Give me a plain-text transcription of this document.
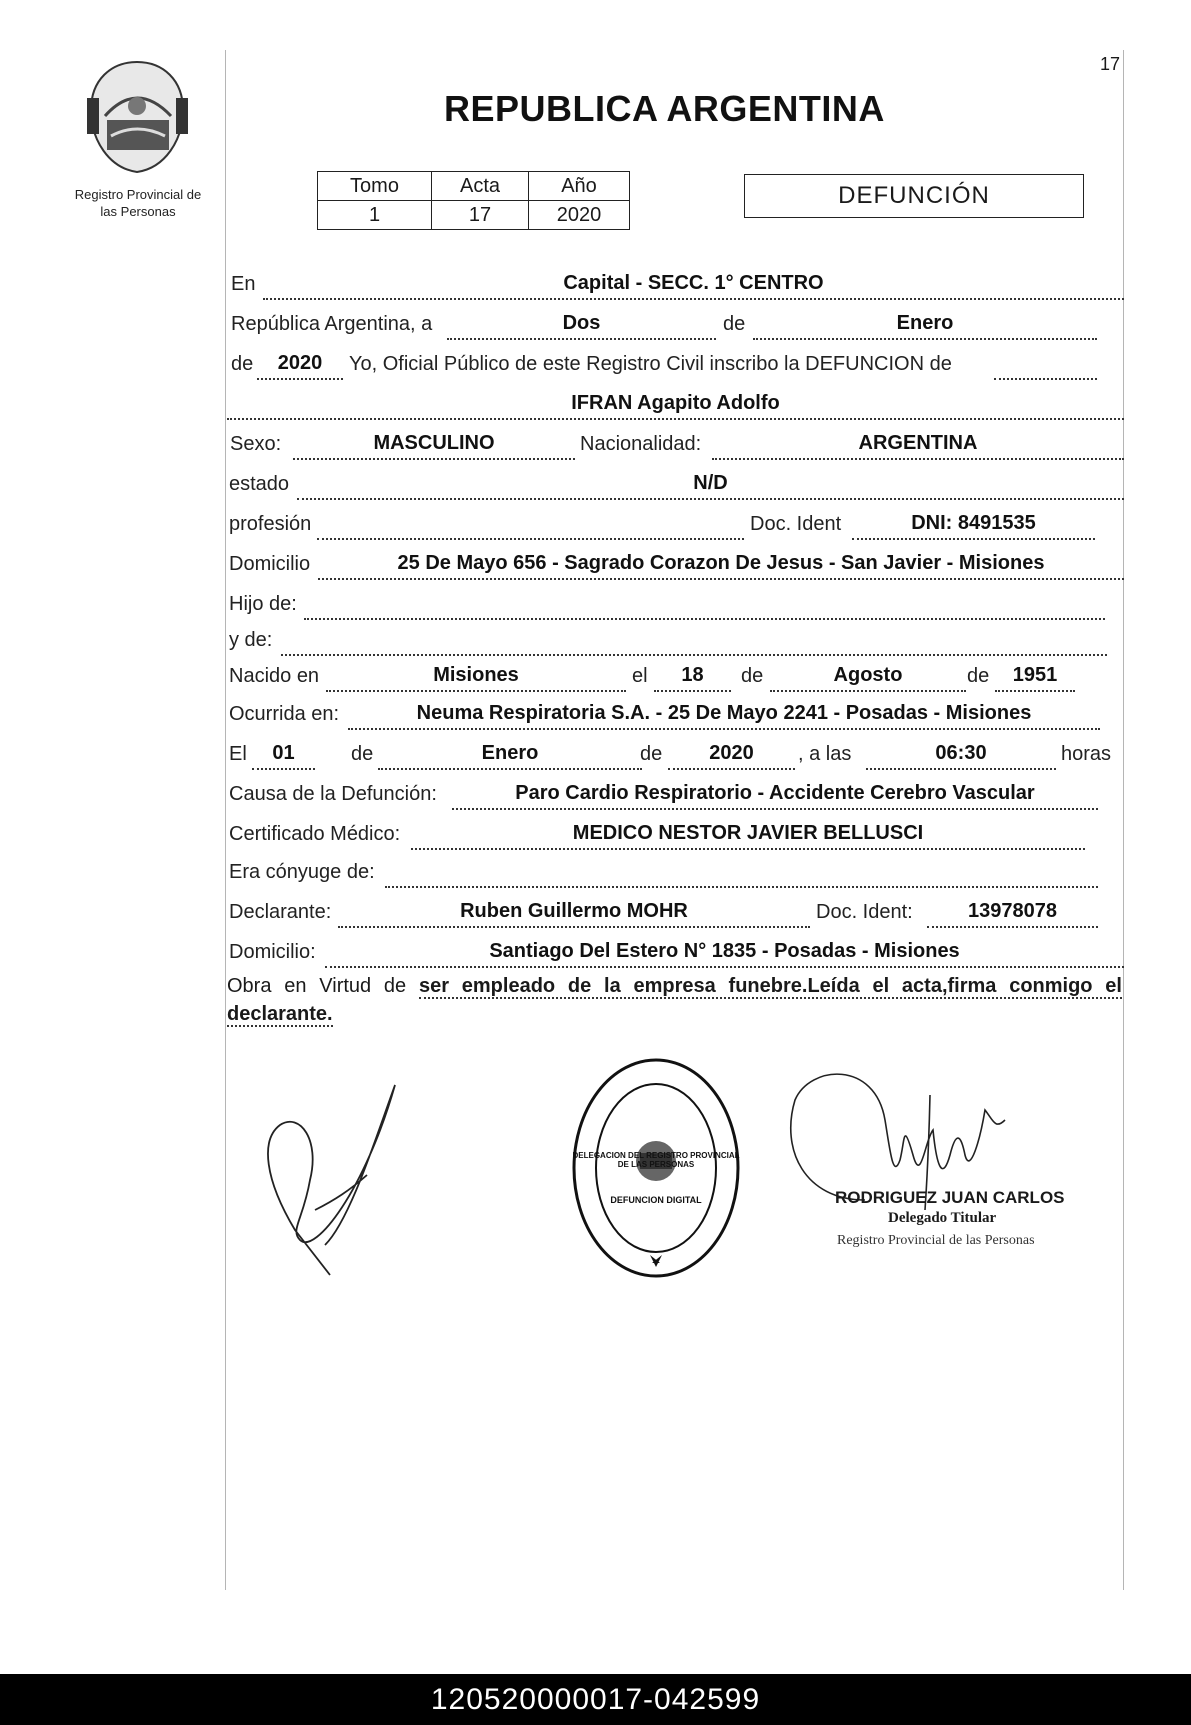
Registro Provincial de
las Personas
REPUBLICA ARGENTINA
17
Tomo	Acta	Año
1	17	2020
DEFUNCIÓN
En	Capital - SECC. 1° CENTRO
República Argentina, a	Dos	de	Enero
de	2020	Yo, Oficial Público de este Registro Civil inscribo la DEFUNCION de
IFRAN Agapito Adolfo
Sexo:	MASCULINO	Nacionalidad:	ARGENTINA
estado	N/D
profesión	Doc. Ident	DNI: 8491535
Domicilio	25 De Mayo 656 - Sagrado Corazon De Jesus - San Javier - Misiones
Hijo de:
y de:
Nacido en	Misiones	el	18	de	Agosto	de	1951
Ocurrida en:	Neuma Respiratoria S.A. - 25 De Mayo 2241 - Posadas - Misiones
El	01	de	Enero	de	2020	, a las	06:30	horas
Causa de la Defunción:	Paro Cardio Respiratorio - Accidente Cerebro Vascular
Certificado Médico:	MEDICO NESTOR JAVIER BELLUSCI
Era cónyuge de:
Declarante:	Ruben Guillermo MOHR	Doc. Ident:	13978078
Domicilio:	Santiago Del Estero N° 1835 - Posadas - Misiones
Obra en Virtud de ser empleado de la empresa funebre.Leída el acta,firma conmigo el declarante.
DELEGACION DEL REGISTRO PROVINCIAL DE LAS PERSONAS
DEFUNCION DIGITAL	RODRIGUEZ JUAN CARLOS
Delegado Titular
Registro Provincial de las Personas
120520000017-042599
